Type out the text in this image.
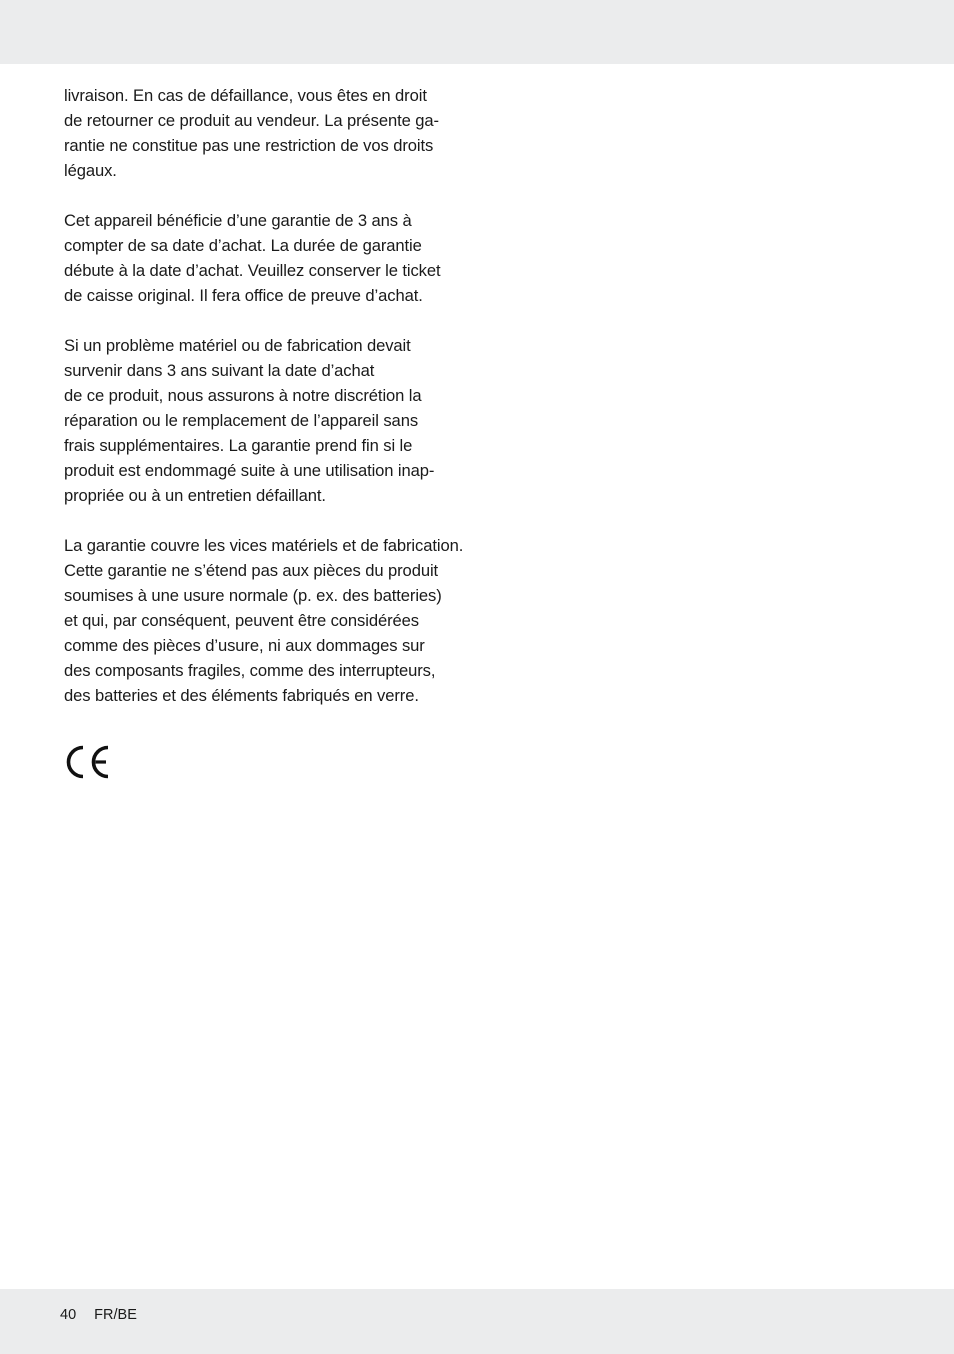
livraison. En cas de défaillance, vous êtes en droit
de retourner ce produit au vendeur. La présente ga-
rantie ne constitue pas une restriction de vos droits
légaux.

Cet appareil bénéficie d’une garantie de 3 ans à
compter de sa date d’achat. La durée de garantie
débute à la date d’achat. Veuillez conserver le ticket
de caisse original. Il fera office de preuve d’achat.

Si un problème matériel ou de fabrication devait
survenir dans 3 ans suivant la date d’achat
de ce produit, nous assurons à notre discrétion la
réparation ou le remplacement de l’appareil sans
frais supplémentaires. La garantie prend fin si le
produit est endommagé suite à une utilisation inap-
propriée ou à un entretien défaillant.

La garantie couvre les vices matériels et de fabrication.
Cette garantie ne s’étend pas aux pièces du produit
soumises à une usure normale (p. ex. des batteries)
et qui, par conséquent, peuvent être considérées
comme des pièces d’usure, ni aux dommages sur
des composants fragiles, comme des interrupteurs,
des batteries et des éléments fabriqués en verre.

40 FR/BE
